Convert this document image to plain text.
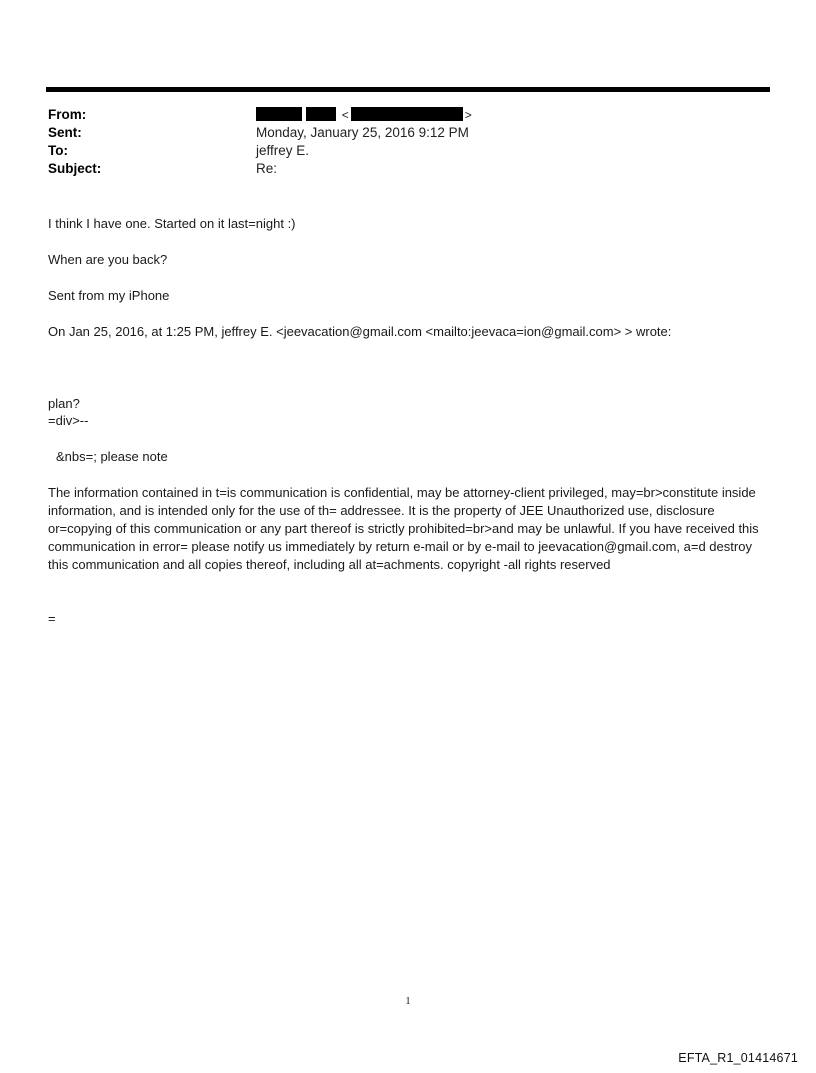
From:	<	>
Sent:	Monday, January 25, 2016 9:12 PM
To:	jeffrey E.
Subject:	Re:
I think I have one. Started on it last=night :)
When are you back?
Sent from my iPhone
On Jan 25, 2016, at 1:25 PM, jeffrey E. <jeevacation@gmail.com <mailto:jeevaca=ion@gmail.com> > wrote:
plan?
=div>--
&nbs=; please note
The information contained in t=is communication is confidential, may be attorney-client privileged, may=br>constitute inside information, and is intended only for the use of th= addressee. It is the property of JEE Unauthorized use, disclosure or=copying of this communication or any part thereof is strictly prohibited=br>and may be unlawful. If you have received this communication in error= please notify us immediately by return e-mail or by e-mail to jeevacation@gmail.com, a=d destroy this communication and all copies thereof, including all at=achments. copyright -all rights reserved
=
1
EFTA_R1_01414671
